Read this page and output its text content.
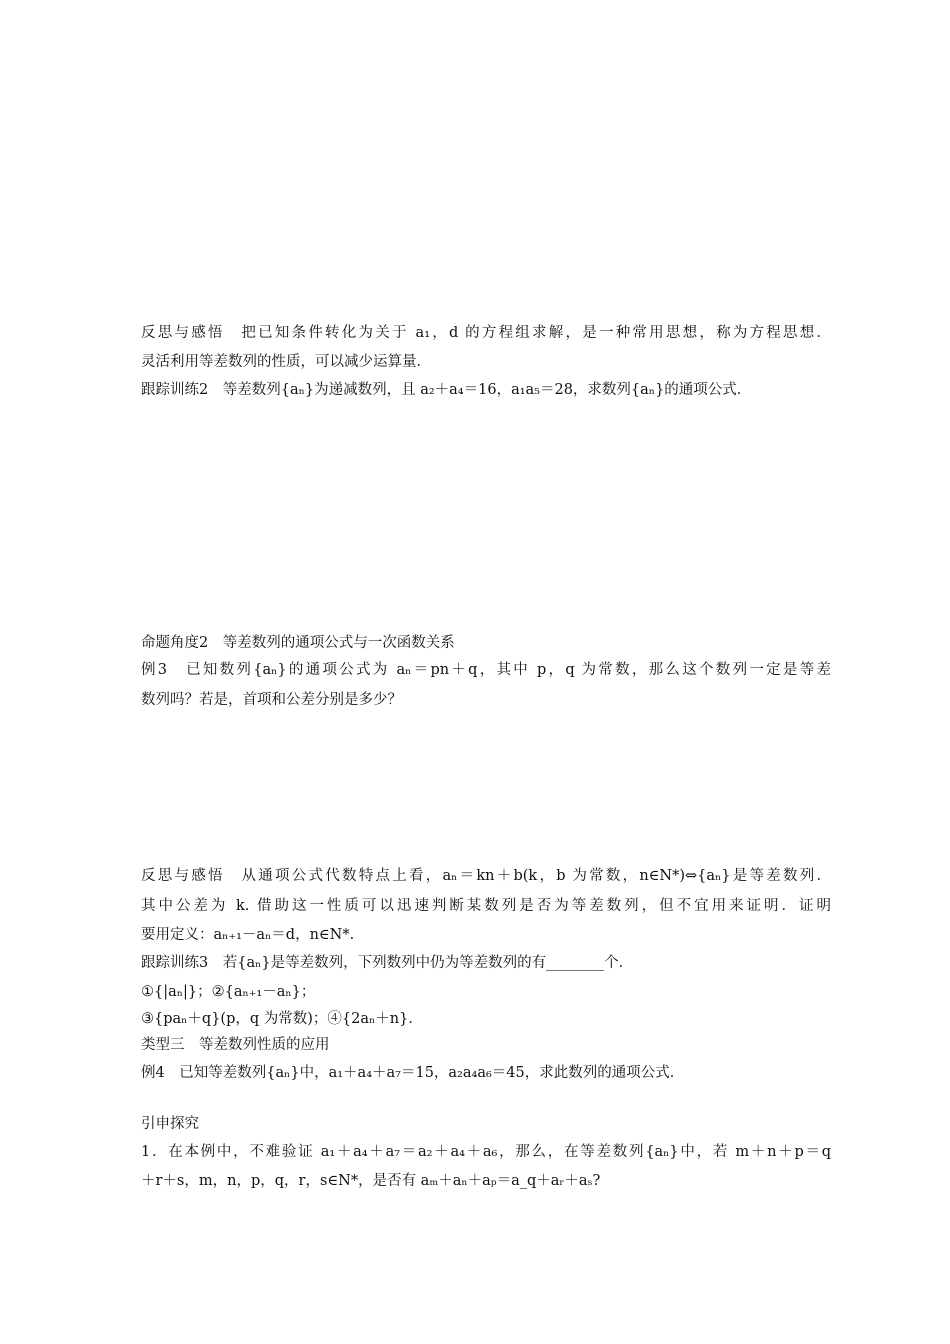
反思与感悟　把已知条件转化为关于 a₁，d 的方程组求解，是一种常用思想，称为方程思想．
灵活利用等差数列的性质，可以减少运算量．
跟踪训练2　等差数列{aₙ}为递减数列，且 a₂＋a₄＝16，a₁a₅＝28，求数列{aₙ}的通项公式．
命题角度2　等差数列的通项公式与一次函数关系
例3　已知数列{aₙ}的通项公式为 aₙ＝pn＋q，其中 p，q 为常数，那么这个数列一定是等差
数列吗？若是，首项和公差分别是多少？
反思与感悟　从通项公式代数特点上看，aₙ＝kn＋b(k，b 为常数，n∈N*)⇔{aₙ}是等差数列．
其中公差为 k. 借助这一性质可以迅速判断某数列是否为等差数列，但不宜用来证明．证明
要用定义：aₙ₊₁－aₙ＝d，n∈N*.
跟踪训练3　若{aₙ}是等差数列，下列数列中仍为等差数列的有________个．
①{|aₙ|}；②{aₙ₊₁－aₙ}；
③{paₙ＋q}(p，q 为常数)；④{2aₙ＋n}．
类型三　等差数列性质的应用
例4　已知等差数列{aₙ}中，a₁＋a₄＋a₇＝15，a₂a₄a₆＝45，求此数列的通项公式．
引申探究
1．在本例中，不难验证 a₁＋a₄＋a₇＝a₂＋a₄＋a₆，那么，在等差数列{aₙ}中，若 m＋n＋p＝q
＋r＋s，m，n，p，q，r，s∈N*，是否有 aₘ＋aₙ＋aₚ＝a_q＋aᵣ＋aₛ?
